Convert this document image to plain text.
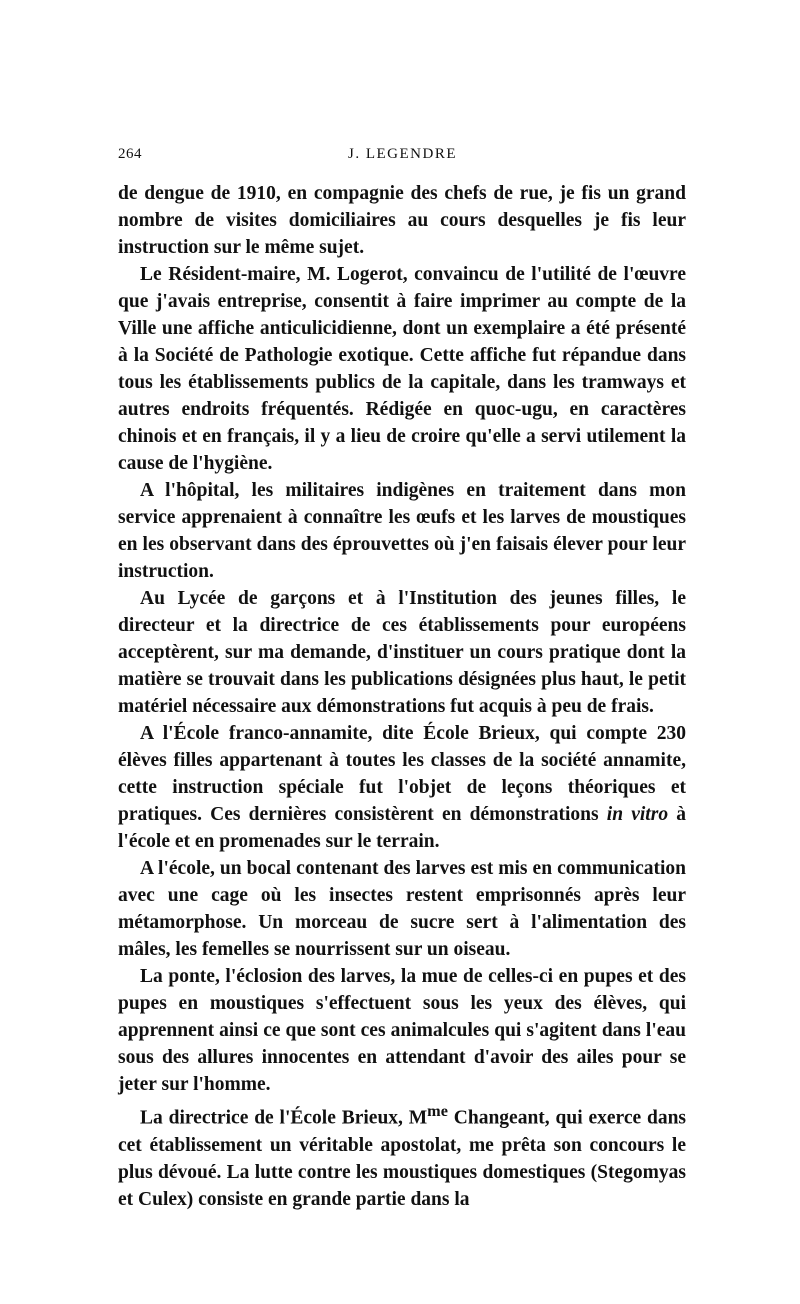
264	J. LEGENDRE

de dengue de 1910, en compagnie des chefs de rue, je fis un grand nombre de visites domiciliaires au cours desquelles je fis leur instruction sur le même sujet.

Le Résident-maire, M. Logerot, convaincu de l'utilité de l'œuvre que j'avais entreprise, consentit à faire imprimer au compte de la Ville une affiche anticulicidienne, dont un exemplaire a été présenté à la Société de Pathologie exotique. Cette affiche fut répandue dans tous les établissements publics de la capitale, dans les tramways et autres endroits fréquentés. Rédigée en quoc-ugu, en caractères chinois et en français, il y a lieu de croire qu'elle a servi utilement la cause de l'hygiène.

A l'hôpital, les militaires indigènes en traitement dans mon service apprenaient à connaître les œufs et les larves de moustiques en les observant dans des éprouvettes où j'en faisais élever pour leur instruction.

Au Lycée de garçons et à l'Institution des jeunes filles, le directeur et la directrice de ces établissements pour européens acceptèrent, sur ma demande, d'instituer un cours pratique dont la matière se trouvait dans les publications désignées plus haut, le petit matériel nécessaire aux démonstrations fut acquis à peu de frais.

A l'École franco-annamite, dite École Brieux, qui compte 230 élèves filles appartenant à toutes les classes de la société annamite, cette instruction spéciale fut l'objet de leçons théoriques et pratiques. Ces dernières consistèrent en démonstrations in vitro à l'école et en promenades sur le terrain.

A l'école, un bocal contenant des larves est mis en communication avec une cage où les insectes restent emprisonnés après leur métamorphose. Un morceau de sucre sert à l'alimentation des mâles, les femelles se nourrissent sur un oiseau.

La ponte, l'éclosion des larves, la mue de celles-ci en pupes et des pupes en moustiques s'effectuent sous les yeux des élèves, qui apprennent ainsi ce que sont ces animalcules qui s'agitent dans l'eau sous des allures innocentes en attendant d'avoir des ailes pour se jeter sur l'homme.

La directrice de l'École Brieux, $M^{me}$ Changeant, qui exerce dans cet établissement un véritable apostolat, me prêta son concours le plus dévoué. La lutte contre les moustiques domestiques (Stegomyas et Culex) consiste en grande partie dans la
